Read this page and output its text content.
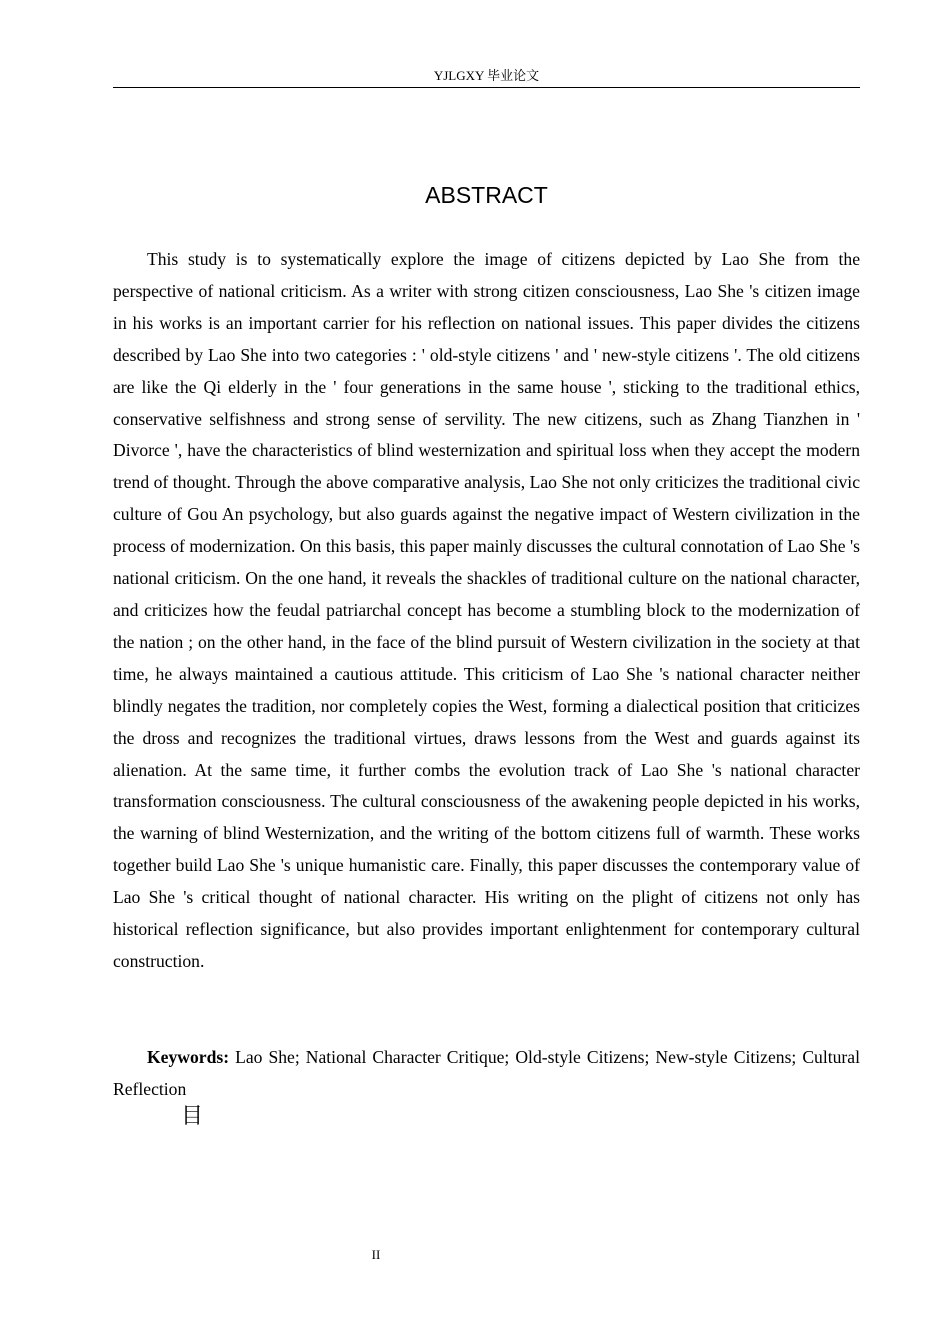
YJLGXY 毕业论文
ABSTRACT

This study is to systematically explore the image of citizens depicted by Lao She from the perspective of national criticism. As a writer with strong citizen consciousness, Lao She 's citizen image in his works is an important carrier for his reflection on national issues. This paper divides the citizens described by Lao She into two categories : ' old-style citizens ' and ' new-style citizens '. The old citizens are like the Qi elderly in the ' four generations in the same house ', sticking to the traditional ethics, conservative selfishness and strong sense of servility. The new citizens, such as Zhang Tianzhen in ' Divorce ', have the characteristics of blind westernization and spiritual loss when they accept the modern trend of thought. Through the above comparative analysis, Lao She not only criticizes the traditional civic culture of Gou An psychology, but also guards against the negative impact of Western civilization in the process of modernization. On this basis, this paper mainly discusses the cultural connotation of Lao She 's national criticism. On the one hand, it reveals the shackles of traditional culture on the national character, and criticizes how the feudal patriarchal concept has become a stumbling block to the modernization of the nation ; on the other hand, in the face of the blind pursuit of Western civilization in the society at that time, he always maintained a cautious attitude. This criticism of Lao She 's national character neither blindly negates the tradition, nor completely copies the West, forming a dialectical position that criticizes the dross and recognizes the traditional virtues, draws lessons from the West and guards against its alienation. At the same time, it further combs the evolution track of Lao She 's national character transformation consciousness. The cultural consciousness of the awakening people depicted in his works, the warning of blind Westernization, and the writing of the bottom citizens full of warmth. These works together build Lao She 's unique humanistic care. Finally, this paper discusses the contemporary value of Lao She 's critical thought of national character. His writing on the plight of citizens not only has historical reflection significance, but also provides important enlightenment for contemporary cultural construction.

Keywords: Lao She; National Character Critique; Old-style Citizens; New-style Citizens; Cultural Reflection

目
II
